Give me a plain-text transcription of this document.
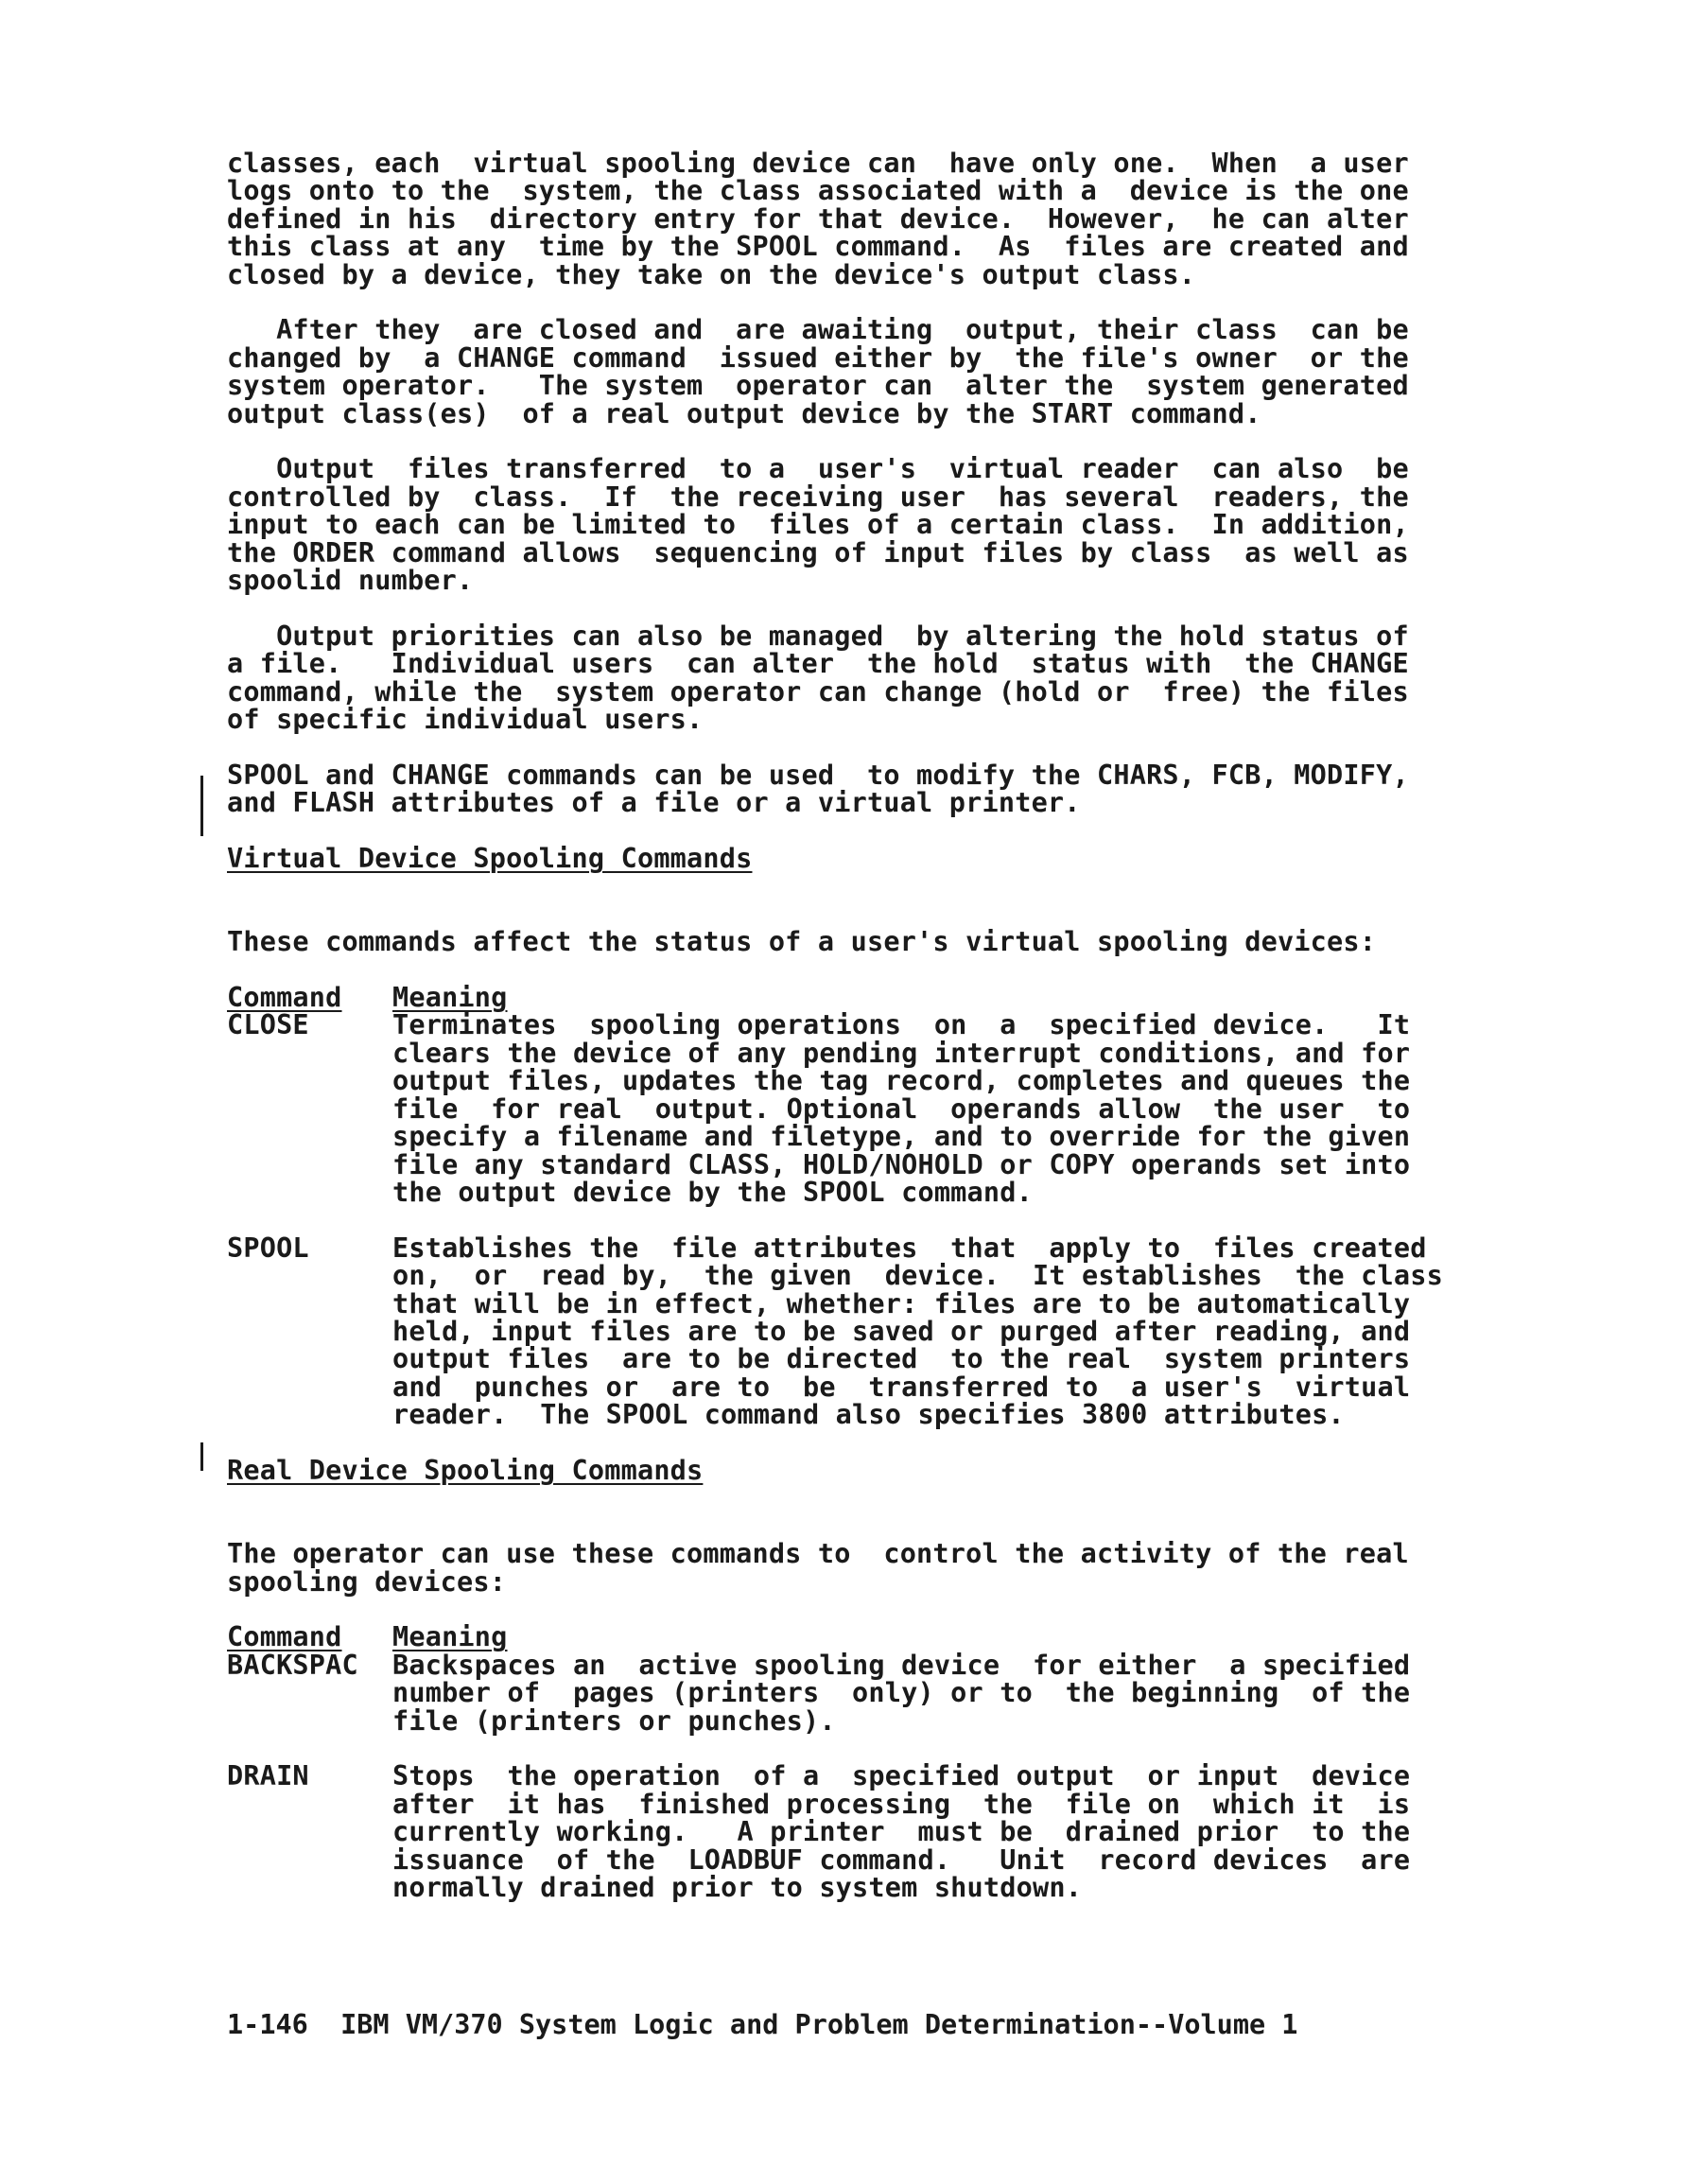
classes, each  virtual spooling device can  have only one.  When  a user
logs onto to the  system, the class associated with a  device is the one
defined in his  directory entry for that device.  However,  he can alter
this class at any  time by the SPOOL command.  As  files are created and
closed by a device, they take on the device's output class.
After they  are closed and  are awaiting  output, their class  can be
changed by  a CHANGE command  issued either by  the file's owner  or the
system operator.   The system  operator can  alter the  system generated
output class(es)  of a real output device by the START command.
Output  files transferred  to a  user's  virtual reader  can also  be
controlled by  class.  If  the receiving user  has several  readers, the
input to each can be limited to  files of a certain class.  In addition,
the ORDER command allows  sequencing of input files by class  as well as
spoolid number.
Output priorities can also be managed  by altering the hold status of
a file.   Individual users  can alter  the hold  status with  the CHANGE
command, while the  system operator can change (hold or  free) the files
of specific individual users.
SPOOL and CHANGE commands can be used  to modify the CHARS, FCB, MODIFY,
and FLASH attributes of a file or a virtual printer.
Virtual Device Spooling Commands
These commands affect the status of a user's virtual spooling devices:
Command	Meaning
CLOSE	Terminates  spooling operations  on  a  specified device.   It
clears the device of any pending interrupt conditions, and for
output files, updates the tag record, completes and queues the
file  for real  output. Optional  operands allow  the user  to
specify a filename and filetype, and to override for the given
file any standard CLASS, HOLD/NOHOLD or COPY operands set into
the output device by the SPOOL command.
SPOOL	Establishes the  file attributes  that  apply to  files created
on,  or  read by,  the given  device.  It establishes  the class
that will be in effect, whether: files are to be automatically
held, input files are to be saved or purged after reading, and
output files  are to be directed  to the real  system printers
and  punches or  are to  be  transferred to  a user's  virtual
reader.  The SPOOL command also specifies 3800 attributes.
Real Device Spooling Commands
The operator can use these commands to  control the activity of the real
spooling devices:
Command	Meaning
BACKSPAC	Backspaces an  active spooling device  for either  a specified
number of  pages (printers  only) or to  the beginning  of the
file (printers or punches).
DRAIN	Stops  the operation  of a  specified output  or input  device
after  it has  finished processing  the  file on  which it  is
currently working.   A printer  must be  drained prior  to the
issuance  of the  LOADBUF command.   Unit  record devices  are
normally drained prior to system shutdown.
1-146  IBM VM/370 System Logic and Problem Determination--Volume 1
